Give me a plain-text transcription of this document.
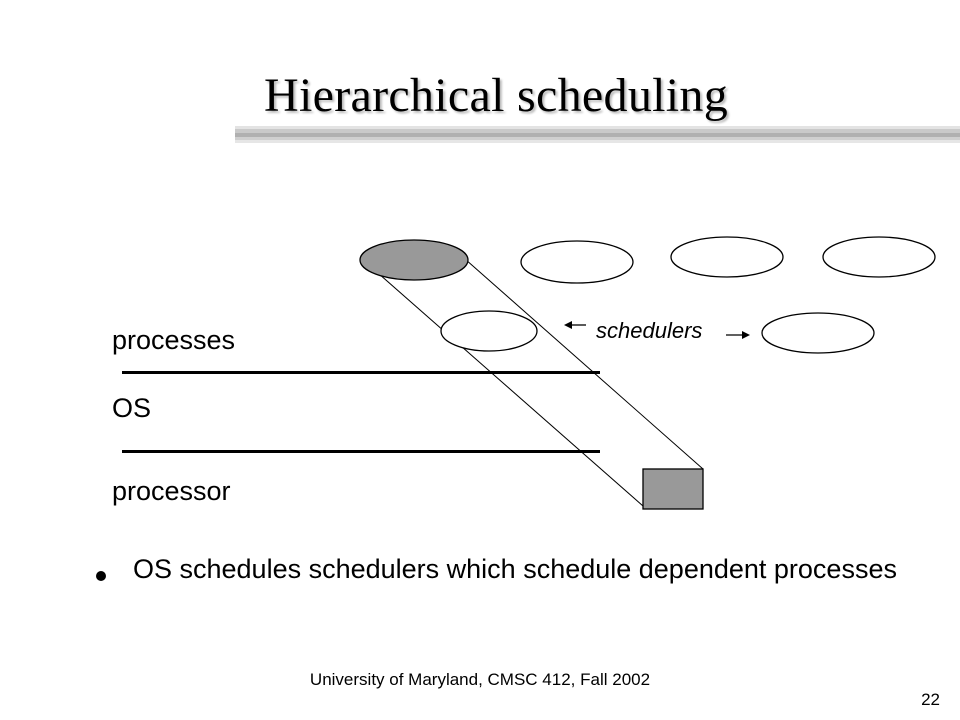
Hierarchical scheduling
processes
OS
processor
schedulers
OS schedules schedulers which schedule dependent processes
University of Maryland, CMSC 412, Fall 2002
22
